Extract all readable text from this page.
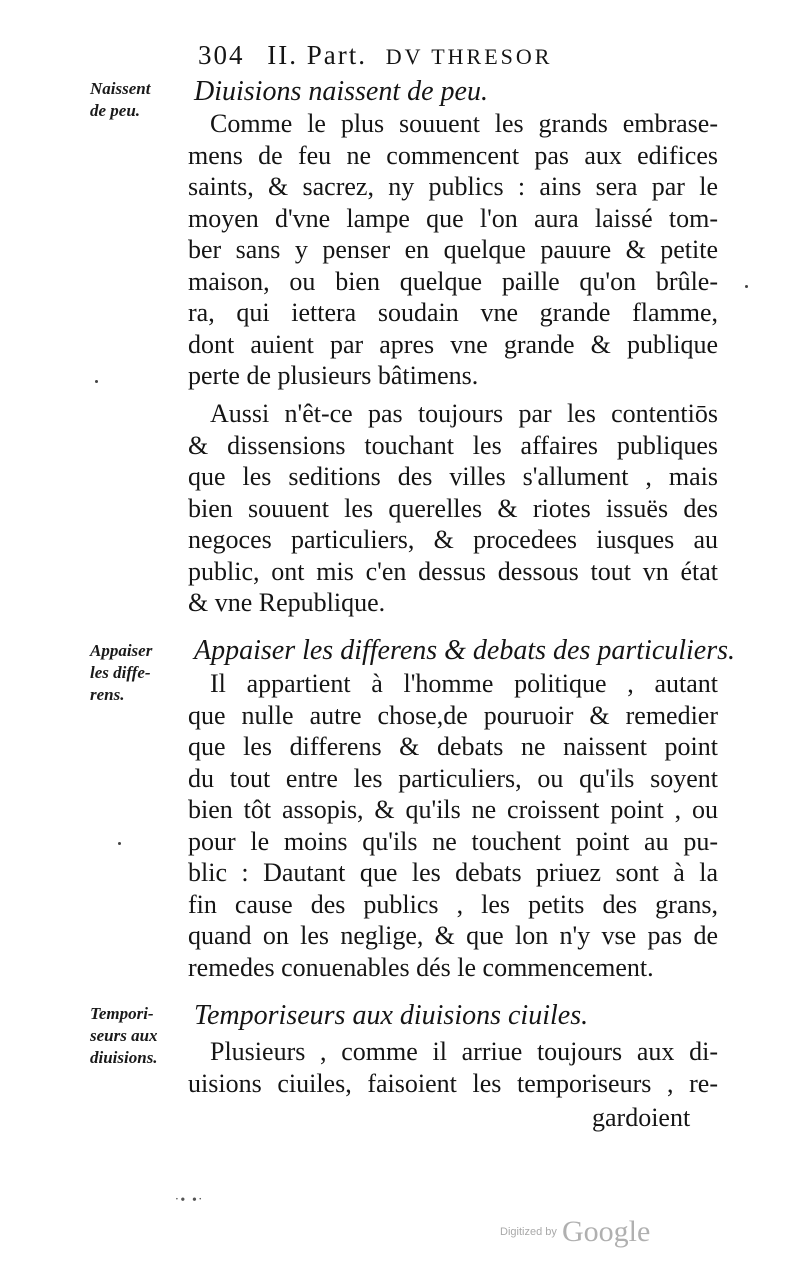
304 II. Part. DV THRESOR
Naissent
de peu.
Diuisions naissent de peu.
Comme le plus souuent les grands embrase-
mens de feu ne commencent pas aux edifices
saints, & sacrez, ny publics : ains sera par le
moyen d'vne lampe que l'on aura laissé tom-
ber sans y penser en quelque pauure & petite
maison, ou bien quelque paille qu'on brûle-
ra, qui iettera soudain vne grande flamme,
dont auient par apres vne grande & publique
perte de plusieurs bâtimens.
Aussi n'êt-ce pas toujours par les contentiōs
& dissensions touchant les affaires publiques
que les seditions des villes s'allument , mais
bien souuent les querelles & riotes issuës des
negoces particuliers, & procedees iusques au
public, ont mis c'en dessus dessous tout vn état
& vne Republique.
Appaiser
les diffe-
rens.
Appaiser les differens & debats des particuliers.
Il appartient à l'homme politique , autant
que nulle autre chose,de pouruoir & remedier
que les differens & debats ne naissent point
du tout entre les particuliers, ou qu'ils soyent
bien tôt assopis, & qu'ils ne croissent point , ou
pour le moins qu'ils ne touchent point au pu-
blic : Dautant que les debats priuez sont à la
fin cause des publics , les petits des grans,
quand on les neglige, & que lon n'y vse pas de
remedes conuenables dés le commencement.
Tempori-
seurs aux
diuisions.
Temporiseurs aux diuisions ciuiles.
Plusieurs , comme il arriue toujours aux di-
uisions ciuiles, faisoient les temporiseurs , re-
gardoient
·∙ ∙·
Digitized by Google
